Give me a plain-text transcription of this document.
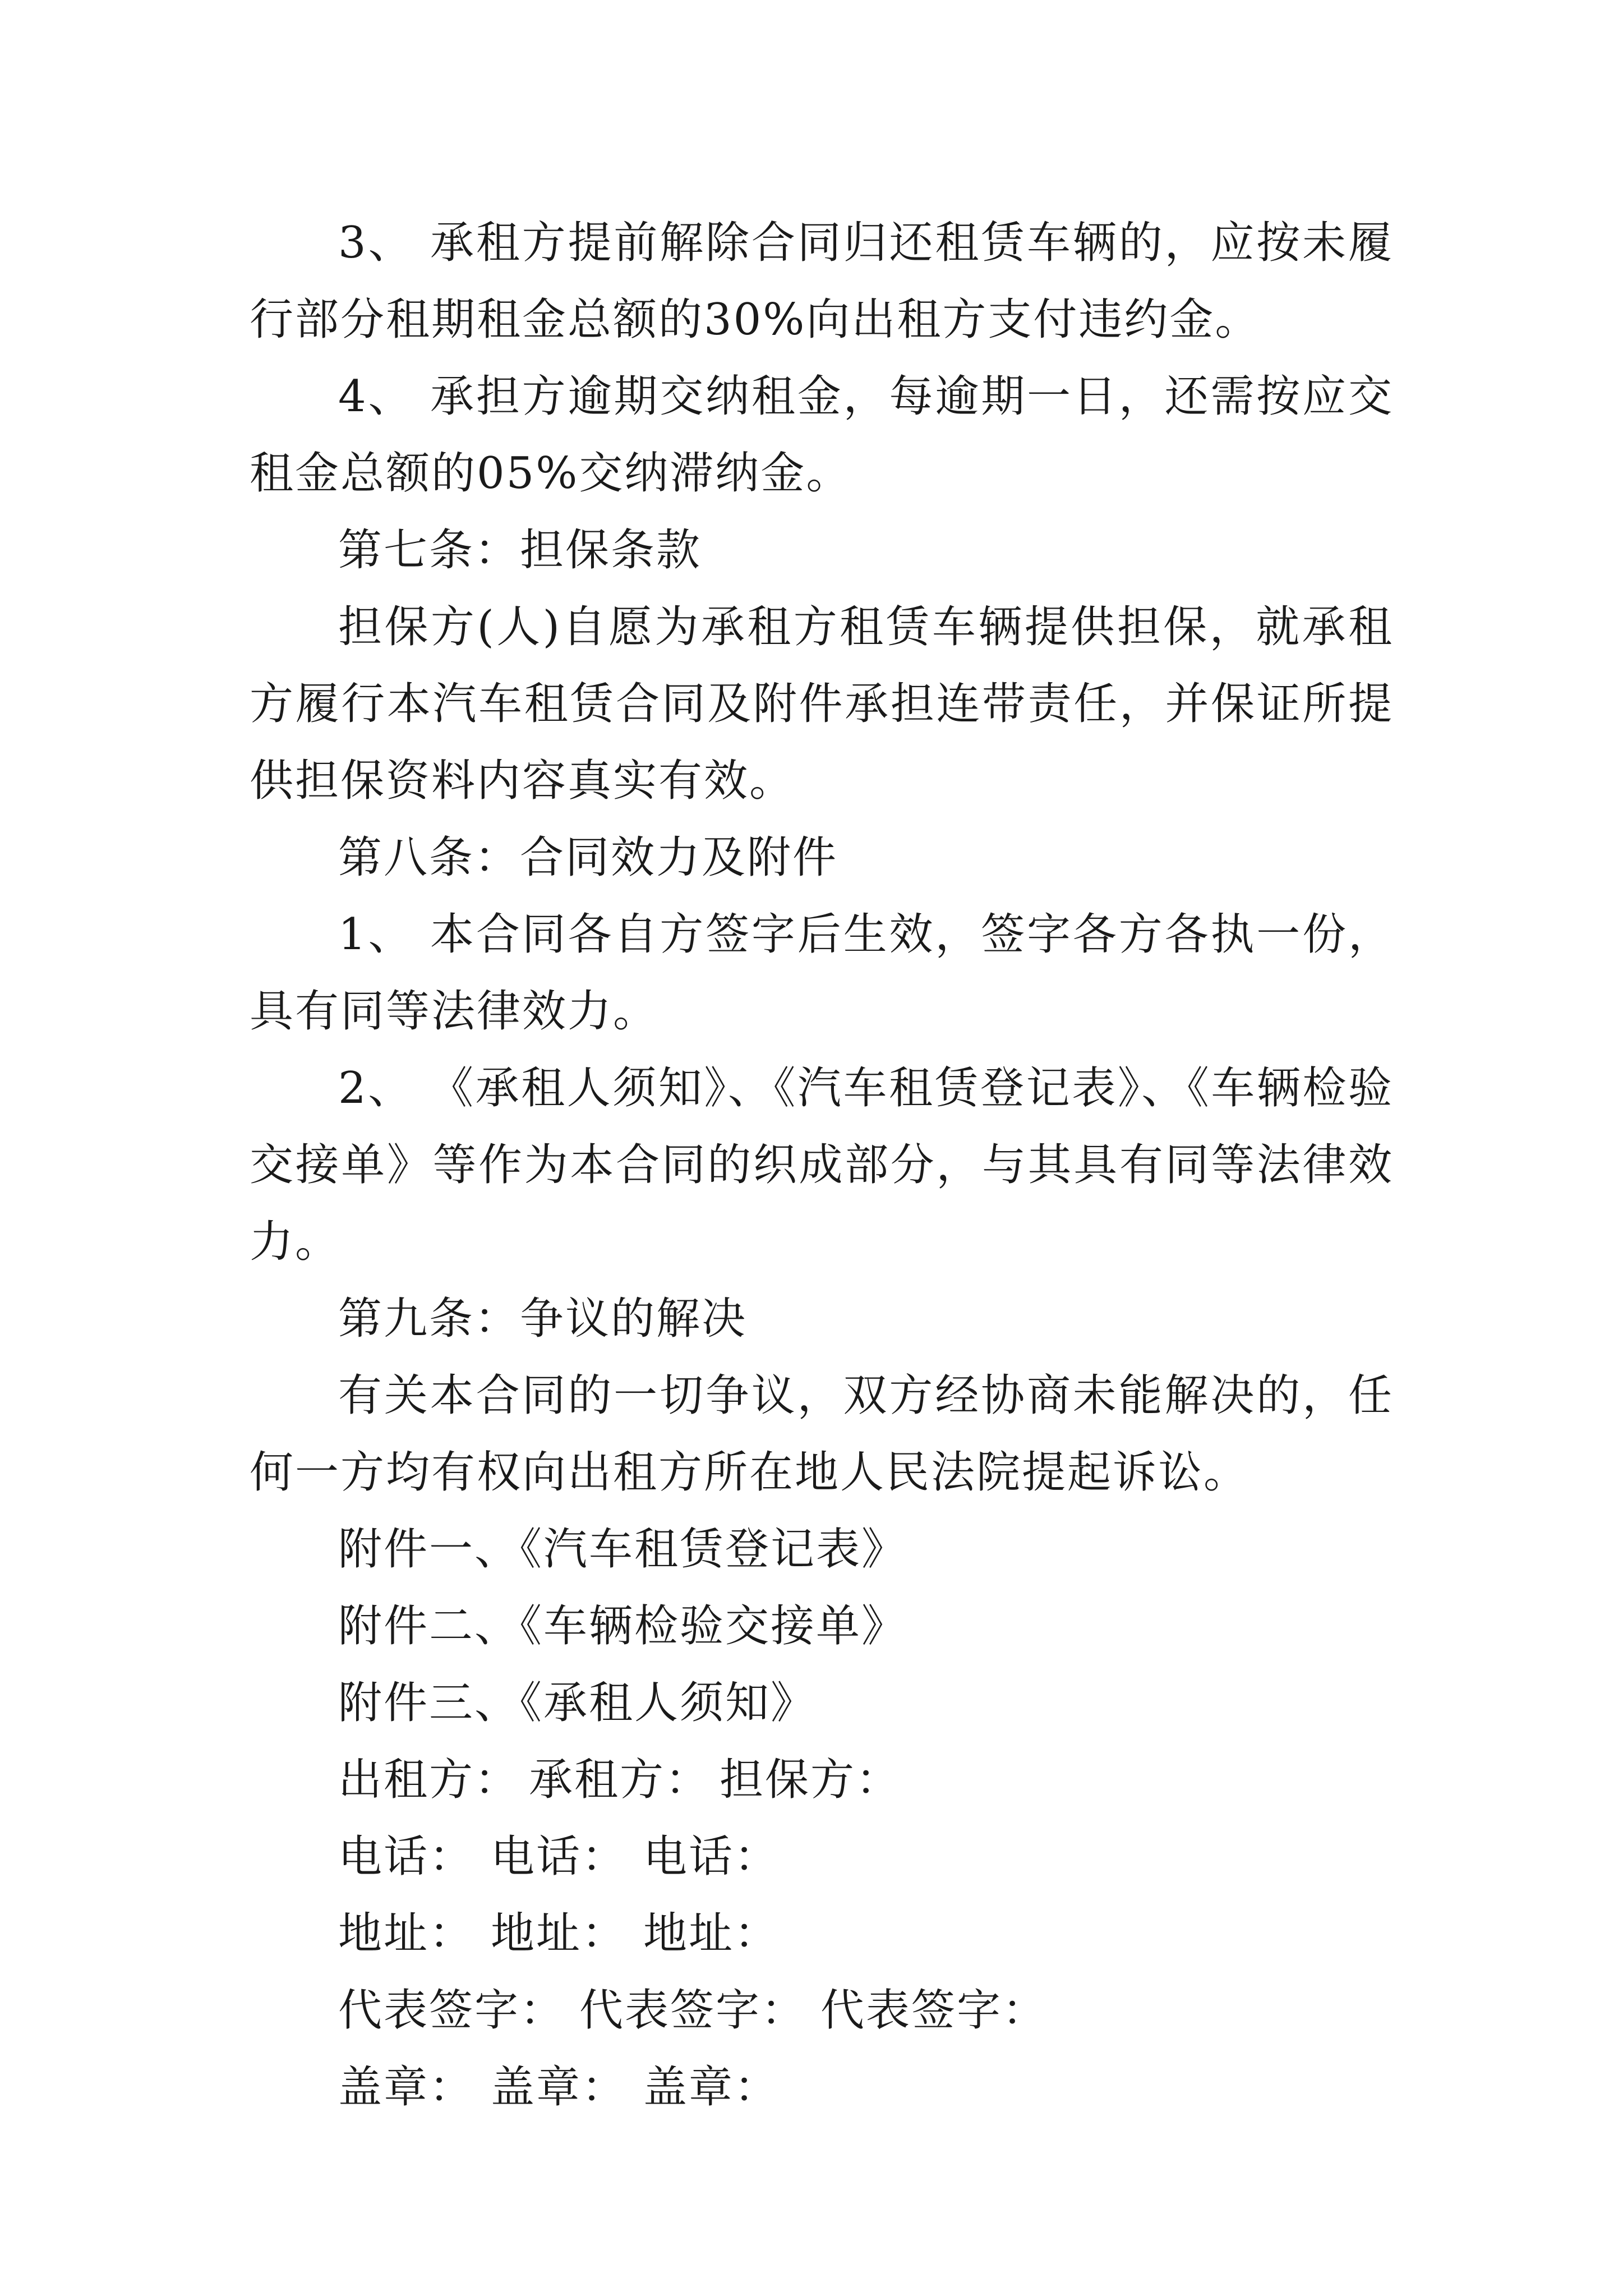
3、 承租方提前解除合同归还租赁车辆的，应按未履行部分租期租金总额的30%向出租方支付违约金。

4、 承担方逾期交纳租金，每逾期一日，还需按应交租金总额的05%交纳滞纳金。

第七条：担保条款

担保方(人)自愿为承租方租赁车辆提供担保，就承租方履行本汽车租赁合同及附件承担连带责任，并保证所提供担保资料内容真实有效。

第八条：合同效力及附件

1、 本合同各自方签字后生效，签字各方各执一份，具有同等法律效力。

2、 《承租人须知》、《汽车租赁登记表》、《车辆检验交接单》等作为本合同的织成部分，与其具有同等法律效力。

第九条：争议的解决

有关本合同的一切争议，双方经协商未能解决的，任何一方均有权向出租方所在地人民法院提起诉讼。

附件一、《汽车租赁登记表》

附件二、《车辆检验交接单》

附件三、《承租人须知》

出租方： 承租方： 担保方：

电话： 电话： 电话：

地址： 地址： 地址：

代表签字： 代表签字： 代表签字：

盖章： 盖章： 盖章：
